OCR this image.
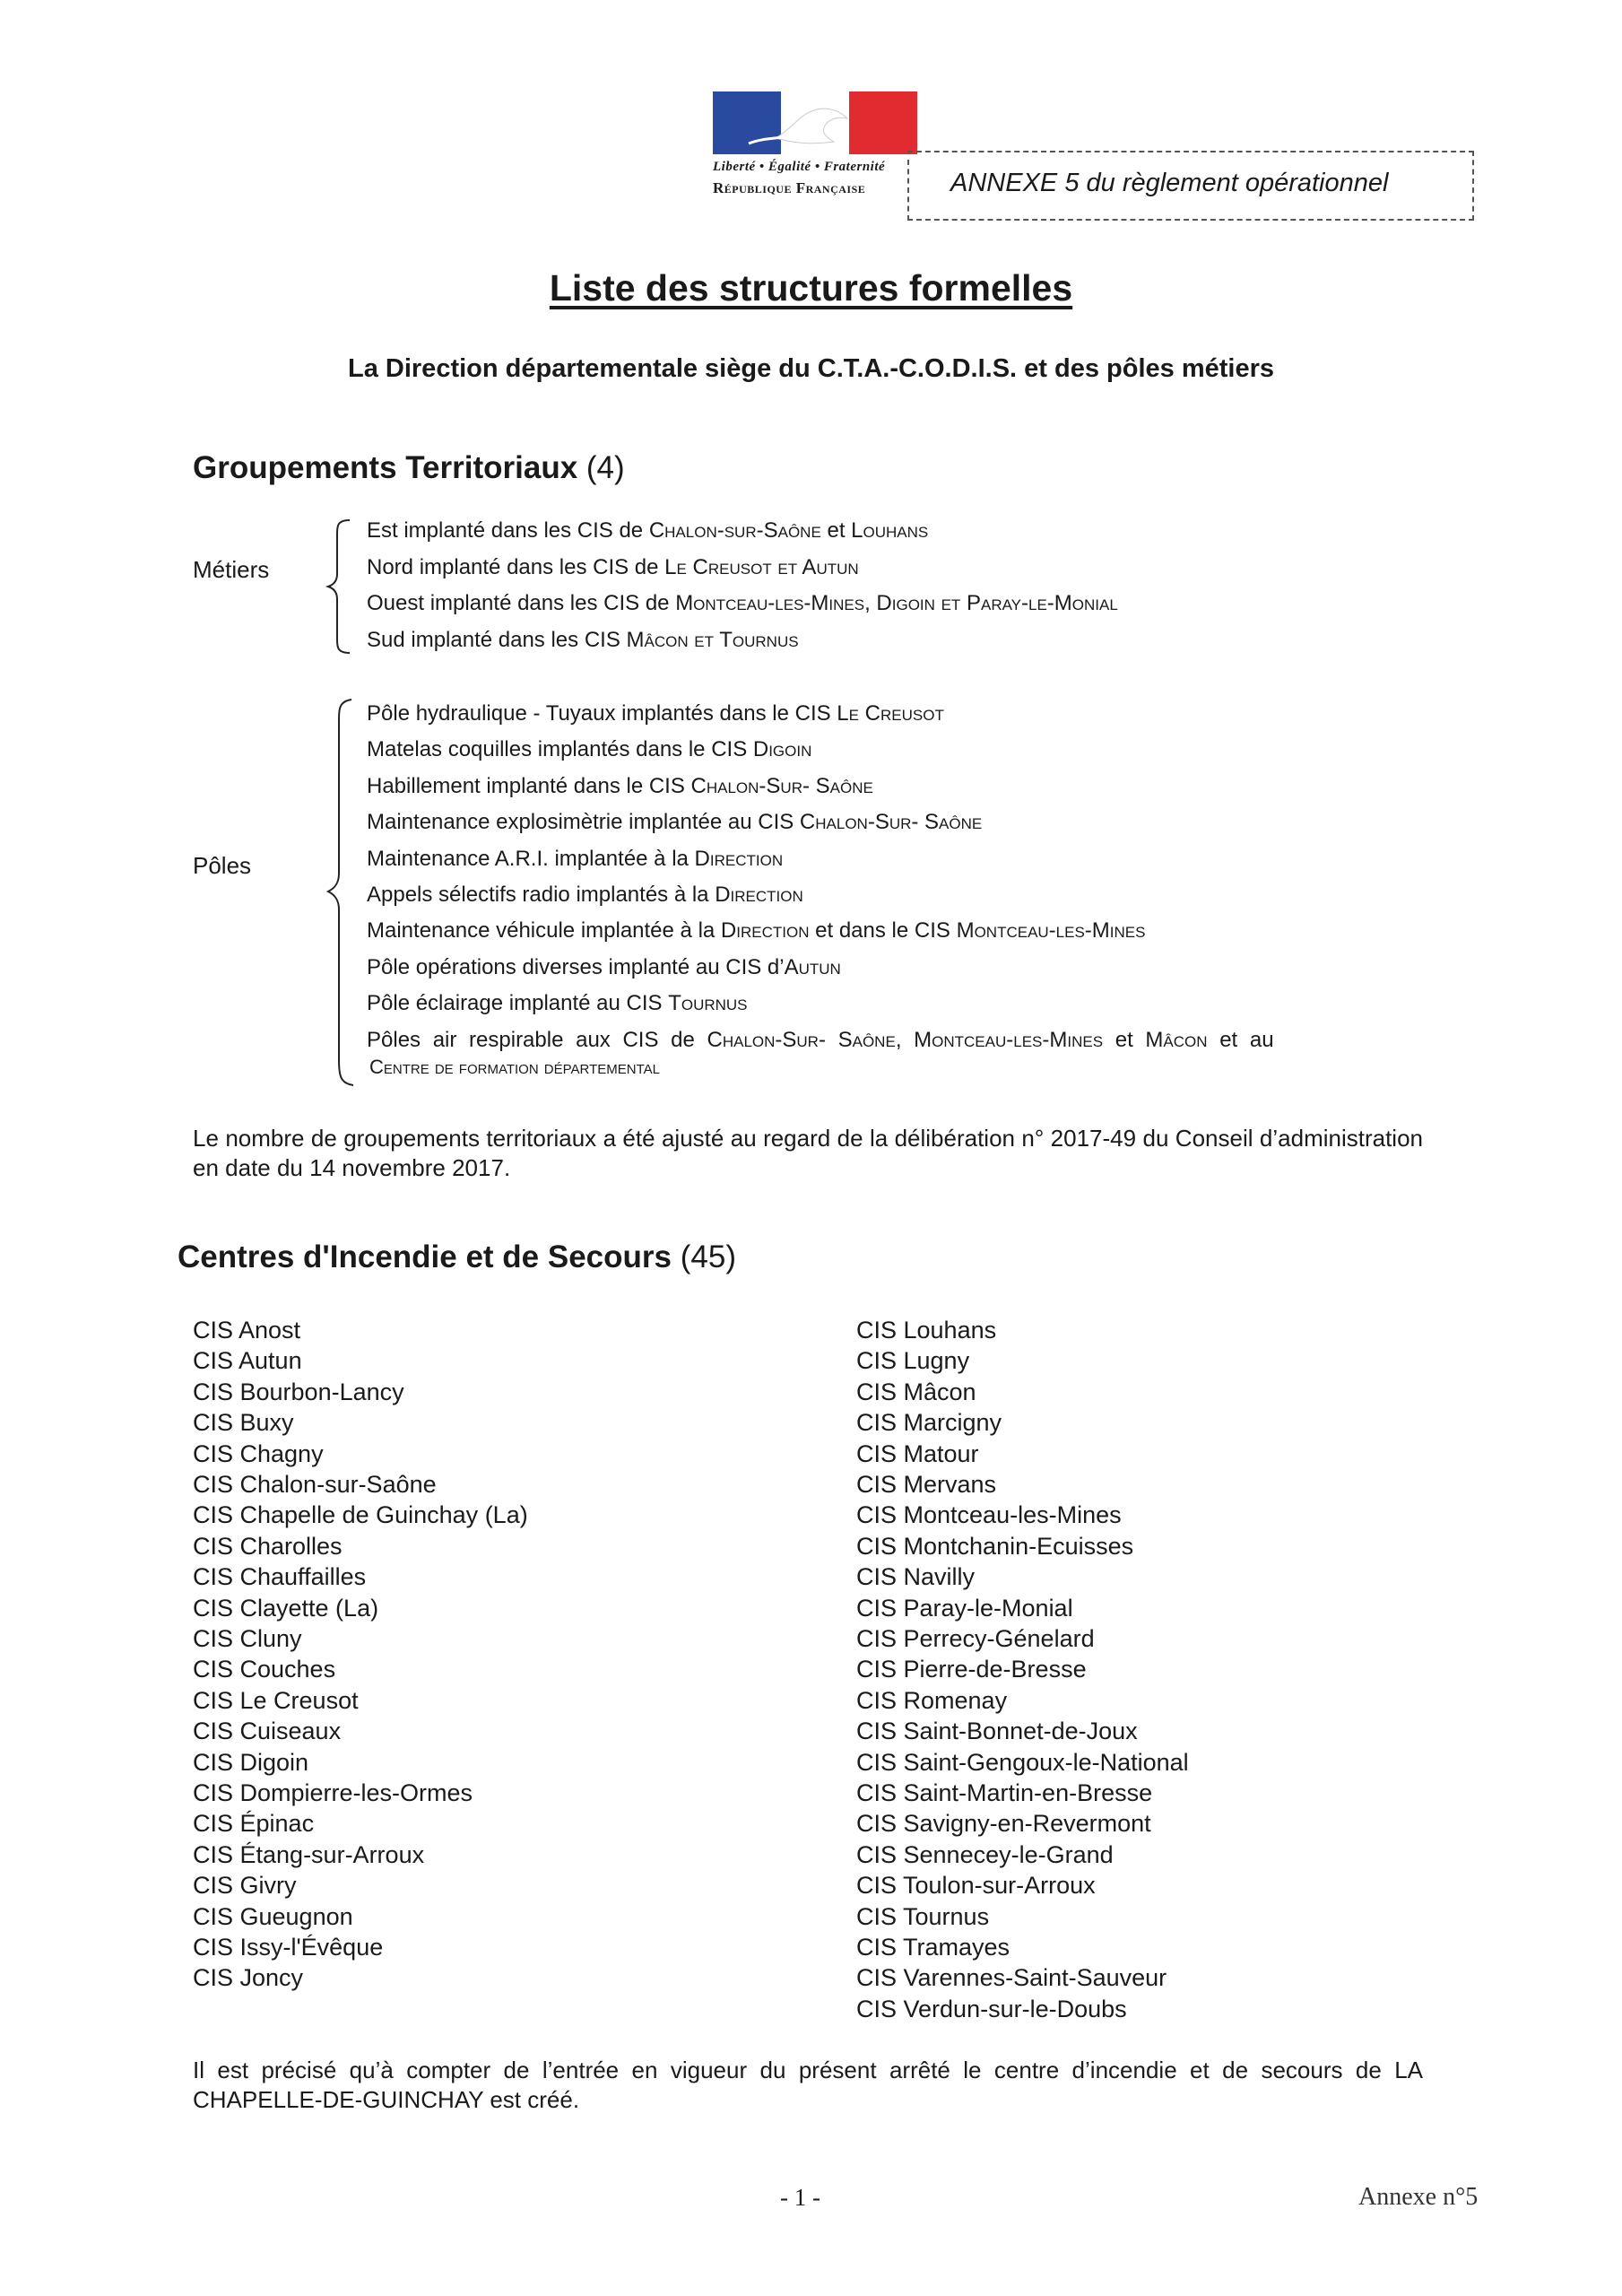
Liberté • Égalité • Fraternité
République Française	ANNEXE 5 du règlement opérationnel
Liste des structures formelles
La Direction départementale siège du C.T.A.-C.O.D.I.S. et des pôles métiers
Groupements Territoriaux (4)
Métiers
Est implanté dans les CIS de Chalon-sur-Saône et Louhans
Nord implanté dans les CIS de Le Creusot et Autun
Ouest implanté dans les CIS de Montceau-les-Mines, Digoin et Paray-le-Monial
Sud implanté dans les CIS Mâcon et Tournus
Pôles
Pôle hydraulique - Tuyaux implantés dans le CIS Le Creusot
Matelas coquilles implantés dans le CIS Digoin
Habillement implanté dans le CIS Chalon-Sur- Saône
Maintenance explosimètrie implantée au CIS Chalon-Sur- Saône
Maintenance A.R.I. implantée à la Direction
Appels sélectifs radio implantés à la Direction
Maintenance véhicule implantée à la Direction et dans le CIS Montceau-les-Mines
Pôle opérations diverses implanté au CIS d’Autun
Pôle éclairage implanté au CIS Tournus
Pôles air respirable aux CIS de Chalon-Sur- Saône, Montceau-les-Mines et Mâcon et au
Centre de formation départemental
Le nombre de groupements territoriaux a été ajusté au regard de la délibération n° 2017-49 du Conseil d’administration en date du 14 novembre 2017.
Centres d'Incendie et de Secours (45)
CIS Anost
CIS Autun
CIS Bourbon-Lancy
CIS Buxy
CIS Chagny
CIS Chalon-sur-Saône
CIS Chapelle de Guinchay (La)
CIS Charolles
CIS Chauffailles
CIS Clayette (La)
CIS Cluny
CIS Couches
CIS Le Creusot
CIS Cuiseaux
CIS Digoin
CIS Dompierre-les-Ormes
CIS Épinac
CIS Étang-sur-Arroux
CIS Givry
CIS Gueugnon
CIS Issy-l'Évêque
CIS Joncy
CIS Louhans
CIS Lugny
CIS Mâcon
CIS Marcigny
CIS Matour
CIS Mervans
CIS Montceau-les-Mines
CIS Montchanin-Ecuisses
CIS Navilly
CIS Paray-le-Monial
CIS Perrecy-Génelard
CIS Pierre-de-Bresse
CIS Romenay
CIS Saint-Bonnet-de-Joux
CIS Saint-Gengoux-le-National
CIS Saint-Martin-en-Bresse
CIS Savigny-en-Revermont
CIS Sennecey-le-Grand
CIS Toulon-sur-Arroux
CIS Tournus
CIS Tramayes
CIS Varennes-Saint-Sauveur
CIS Verdun-sur-le-Doubs
Il est précisé qu’à compter de l’entrée en vigueur du présent arrêté le centre d’incendie et de secours de LA CHAPELLE-DE-GUINCHAY est créé.
- 1 -	Annexe n°5
